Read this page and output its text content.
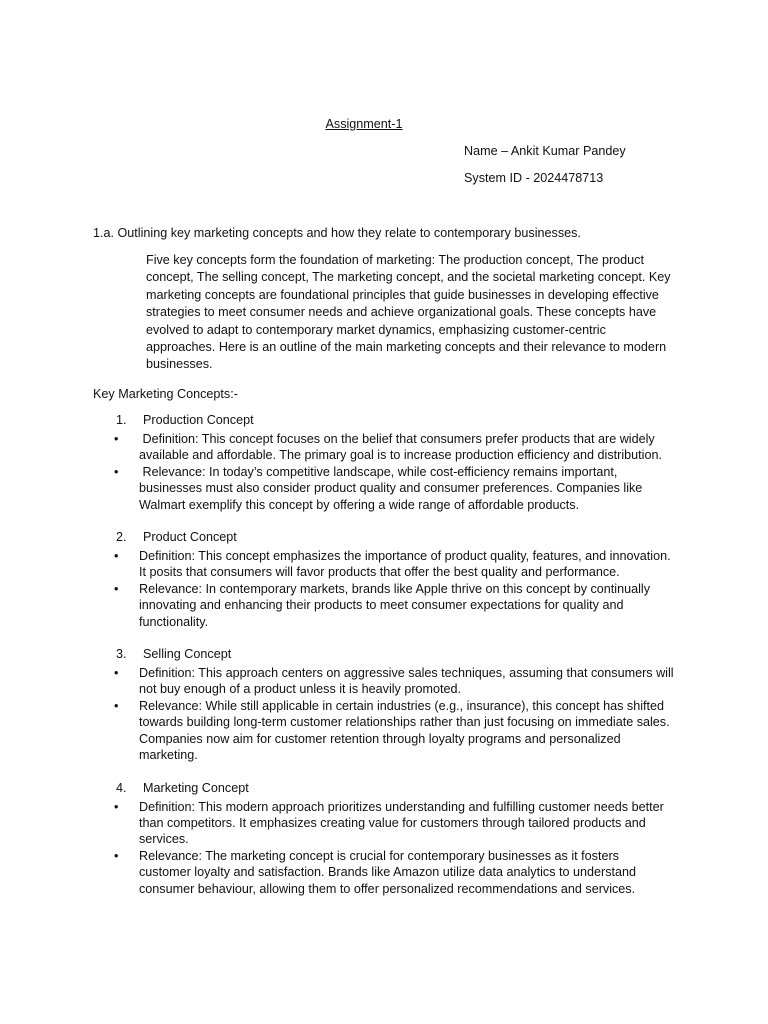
Assignment-1
Name – Ankit Kumar Pandey
System ID - 2024478713
1.a. Outlining key marketing concepts and how they relate to contemporary businesses.
Five key concepts form the foundation of marketing: The production concept, The product concept, The selling concept, The marketing concept, and the societal marketing concept. Key marketing concepts are foundational principles that guide businesses in developing effective strategies to meet consumer needs and achieve organizational goals. These concepts have evolved to adapt to contemporary market dynamics, emphasizing customer-centric approaches. Here is an outline of the main marketing concepts and their relevance to modern businesses.
Key Marketing Concepts:-
1. Production Concept
• Definition: This concept focuses on the belief that consumers prefer products that are widely available and affordable. The primary goal is to increase production efficiency and distribution.
• Relevance: In today’s competitive landscape, while cost-efficiency remains important, businesses must also consider product quality and consumer preferences. Companies like Walmart exemplify this concept by offering a wide range of affordable products.
2. Product Concept
• Definition: This concept emphasizes the importance of product quality, features, and innovation. It posits that consumers will favor products that offer the best quality and performance.
• Relevance: In contemporary markets, brands like Apple thrive on this concept by continually innovating and enhancing their products to meet consumer expectations for quality and functionality.
3. Selling Concept
• Definition: This approach centers on aggressive sales techniques, assuming that consumers will not buy enough of a product unless it is heavily promoted.
• Relevance: While still applicable in certain industries (e.g., insurance), this concept has shifted towards building long-term customer relationships rather than just focusing on immediate sales. Companies now aim for customer retention through loyalty programs and personalized marketing.
4. Marketing Concept
• Definition: This modern approach prioritizes understanding and fulfilling customer needs better than competitors. It emphasizes creating value for customers through tailored products and services.
• Relevance: The marketing concept is crucial for contemporary businesses as it fosters customer loyalty and satisfaction. Brands like Amazon utilize data analytics to understand consumer behaviour, allowing them to offer personalized recommendations and services.
